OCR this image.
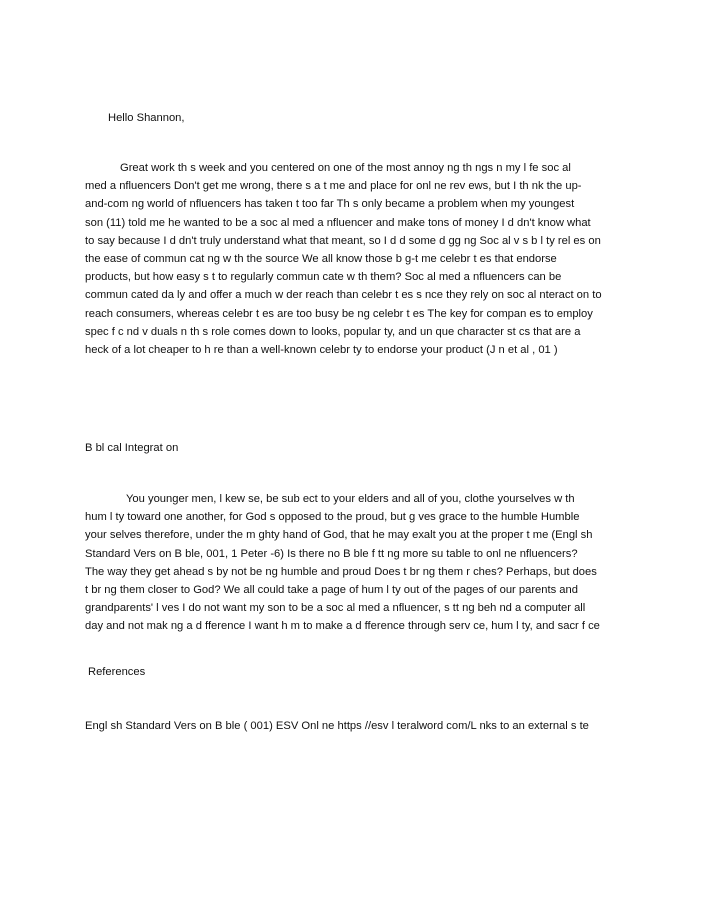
Hello Shannon,
Great work th s week and you centered on one of the most annoy ng th ngs n my l fe soc al
med a nfluencers Don't get me wrong, there s a t me and place for onl ne rev ews, but I th nk the up-
and-com ng world of nfluencers has taken t too far Th s only became a problem when my youngest
son (11) told me he wanted to be a soc al med a nfluencer and make tons of money I d dn't know what
to say because I d dn't truly understand what that meant, so I d d some d gg ng Soc al v s b l ty rel es on
the ease of commun cat ng w th the source We all know those b g-t me celebr t es that endorse
products, but how easy s t to regularly commun cate w th them? Soc al med a nfluencers can be
commun cated da ly and offer a much w der reach than celebr t es s nce they rely on soc al nteract on to
reach consumers, whereas celebr t es are too busy be ng celebr t es The key for compan es to employ
spec f c nd v duals n th s role comes down to looks, popular ty, and un que character st cs that are a
heck of a lot cheaper to h re than a well-known celebr ty to endorse your product (J n et al , 01 )
B bl cal Integrat on
You younger men, l kew se, be sub ect to your elders and all of you, clothe yourselves w th
hum l ty toward one another, for God s opposed to the proud, but g ves grace to the humble Humble
your selves therefore, under the m ghty hand of God, that he may exalt you at the proper t me (Engl sh
Standard Vers on B ble, 001, 1 Peter -6) Is there no B ble f tt ng more su table to onl ne nfluencers?
The way they get ahead s by not be ng humble and proud Does t br ng them r ches? Perhaps, but does
t br ng them closer to God? We all could take a page of hum l ty out of the pages of our parents and
grandparents' l ves I do not want my son to be a soc al med a nfluencer, s tt ng beh nd a computer all
day and not mak ng a d fference I want h m to make a d fference through serv ce, hum l ty, and sacr f ce
References
Engl sh Standard Vers on B ble ( 001) ESV Onl ne https //esv l teralword com/L nks to an external s te
